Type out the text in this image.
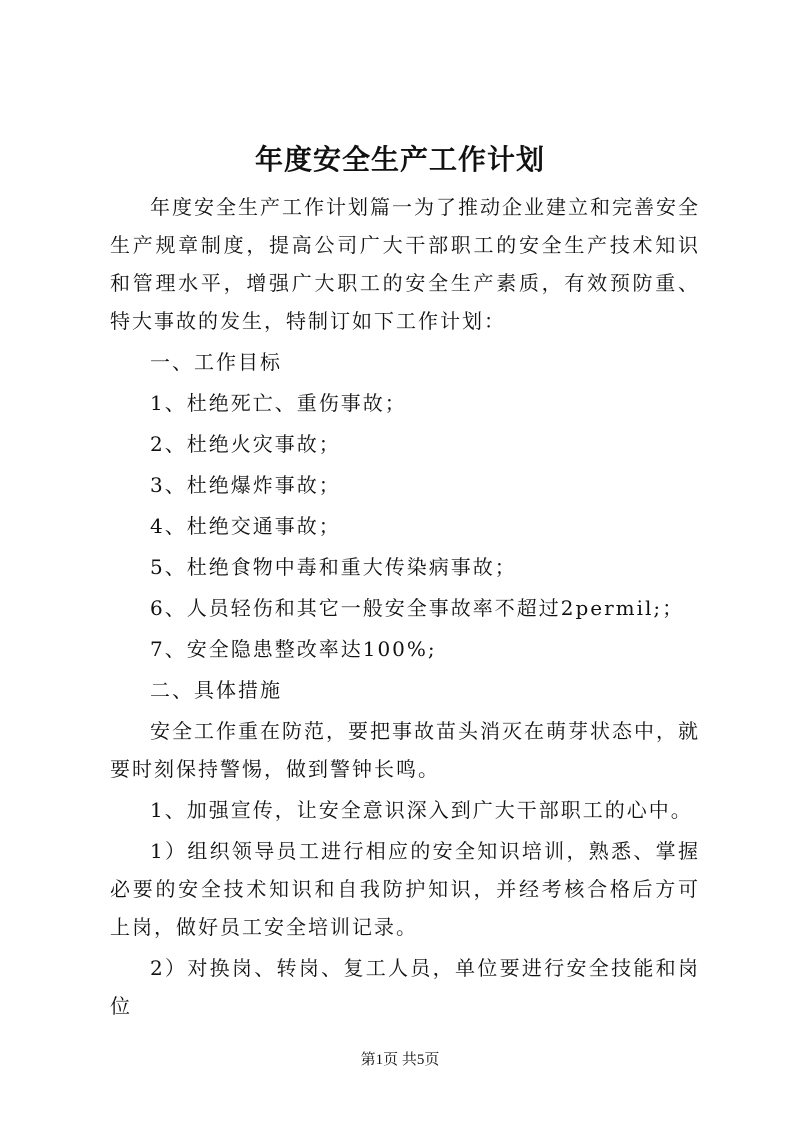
年度安全生产工作计划

年度安全生产工作计划篇一为了推动企业建立和完善安全生产规章制度，提高公司广大干部职工的安全生产技术知识和管理水平，增强广大职工的安全生产素质，有效预防重、特大事故的发生，特制订如下工作计划：

一、工作目标

1、杜绝死亡、重伤事故；

2、杜绝火灾事故；

3、杜绝爆炸事故；

4、杜绝交通事故；

5、杜绝食物中毒和重大传染病事故；

6、人员轻伤和其它一般安全事故率不超过2permil;；

7、安全隐患整改率达100%;

二、具体措施

安全工作重在防范，要把事故苗头消灭在萌芽状态中，就要时刻保持警惕，做到警钟长鸣。

1、加强宣传，让安全意识深入到广大干部职工的心中。

1）组织领导员工进行相应的安全知识培训，熟悉、掌握必要的安全技术知识和自我防护知识，并经考核合格后方可上岗，做好员工安全培训记录。

2）对换岗、转岗、复工人员，单位要进行安全技能和岗位

第1页 共5页
